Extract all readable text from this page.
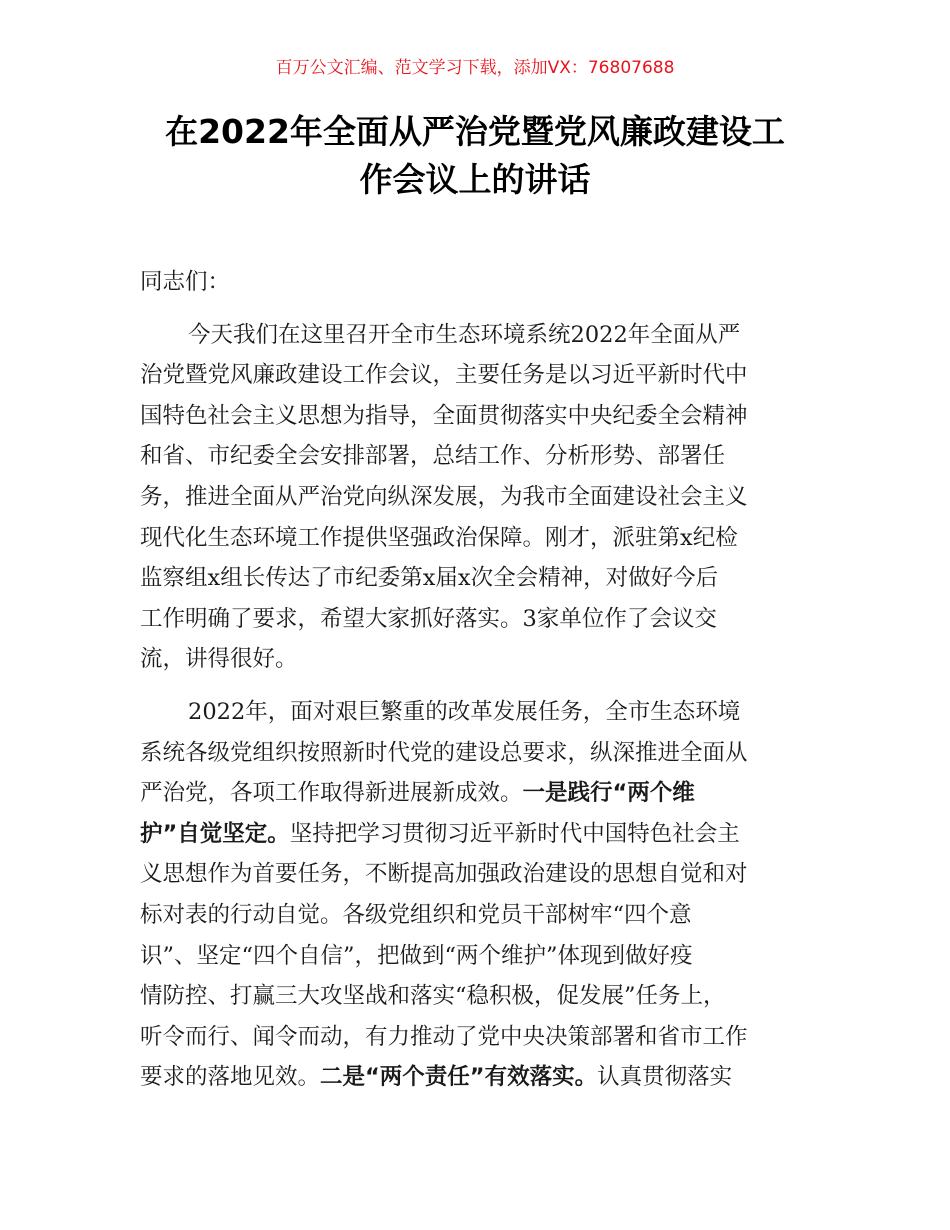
百万公文汇编、范文学习下载，添加VX：76807688
在2022年全面从严治党暨党风廉政建设工
作会议上的讲话

同志们：

今天我们在这里召开全市生态环境系统2022年全面从严
治党暨党风廉政建设工作会议，主要任务是以习近平新时代中
国特色社会主义思想为指导，全面贯彻落实中央纪委全会精神
和省、市纪委全会安排部署，总结工作、分析形势、部署任
务，推进全面从严治党向纵深发展，为我市全面建设社会主义
现代化生态环境工作提供坚强政治保障。刚才，派驻第x纪检
监察组x组长传达了市纪委第x届x次全会精神，对做好今后
工作明确了要求，希望大家抓好落实。3家单位作了会议交
流，讲得很好。

2022年，面对艰巨繁重的改革发展任务，全市生态环境
系统各级党组织按照新时代党的建设总要求，纵深推进全面从
严治党，各项工作取得新进展新成效。一是践行“两个维
护”自觉坚定。坚持把学习贯彻习近平新时代中国特色社会主
义思想作为首要任务，不断提高加强政治建设的思想自觉和对
标对表的行动自觉。各级党组织和党员干部树牢“四个意
识”、坚定“四个自信”，把做到“两个维护”体现到做好疫
情防控、打赢三大攻坚战和落实“稳积极，促发展”任务上，
听令而行、闻令而动，有力推动了党中央决策部署和省市工作
要求的落地见效。二是“两个责任”有效落实。认真贯彻落实
